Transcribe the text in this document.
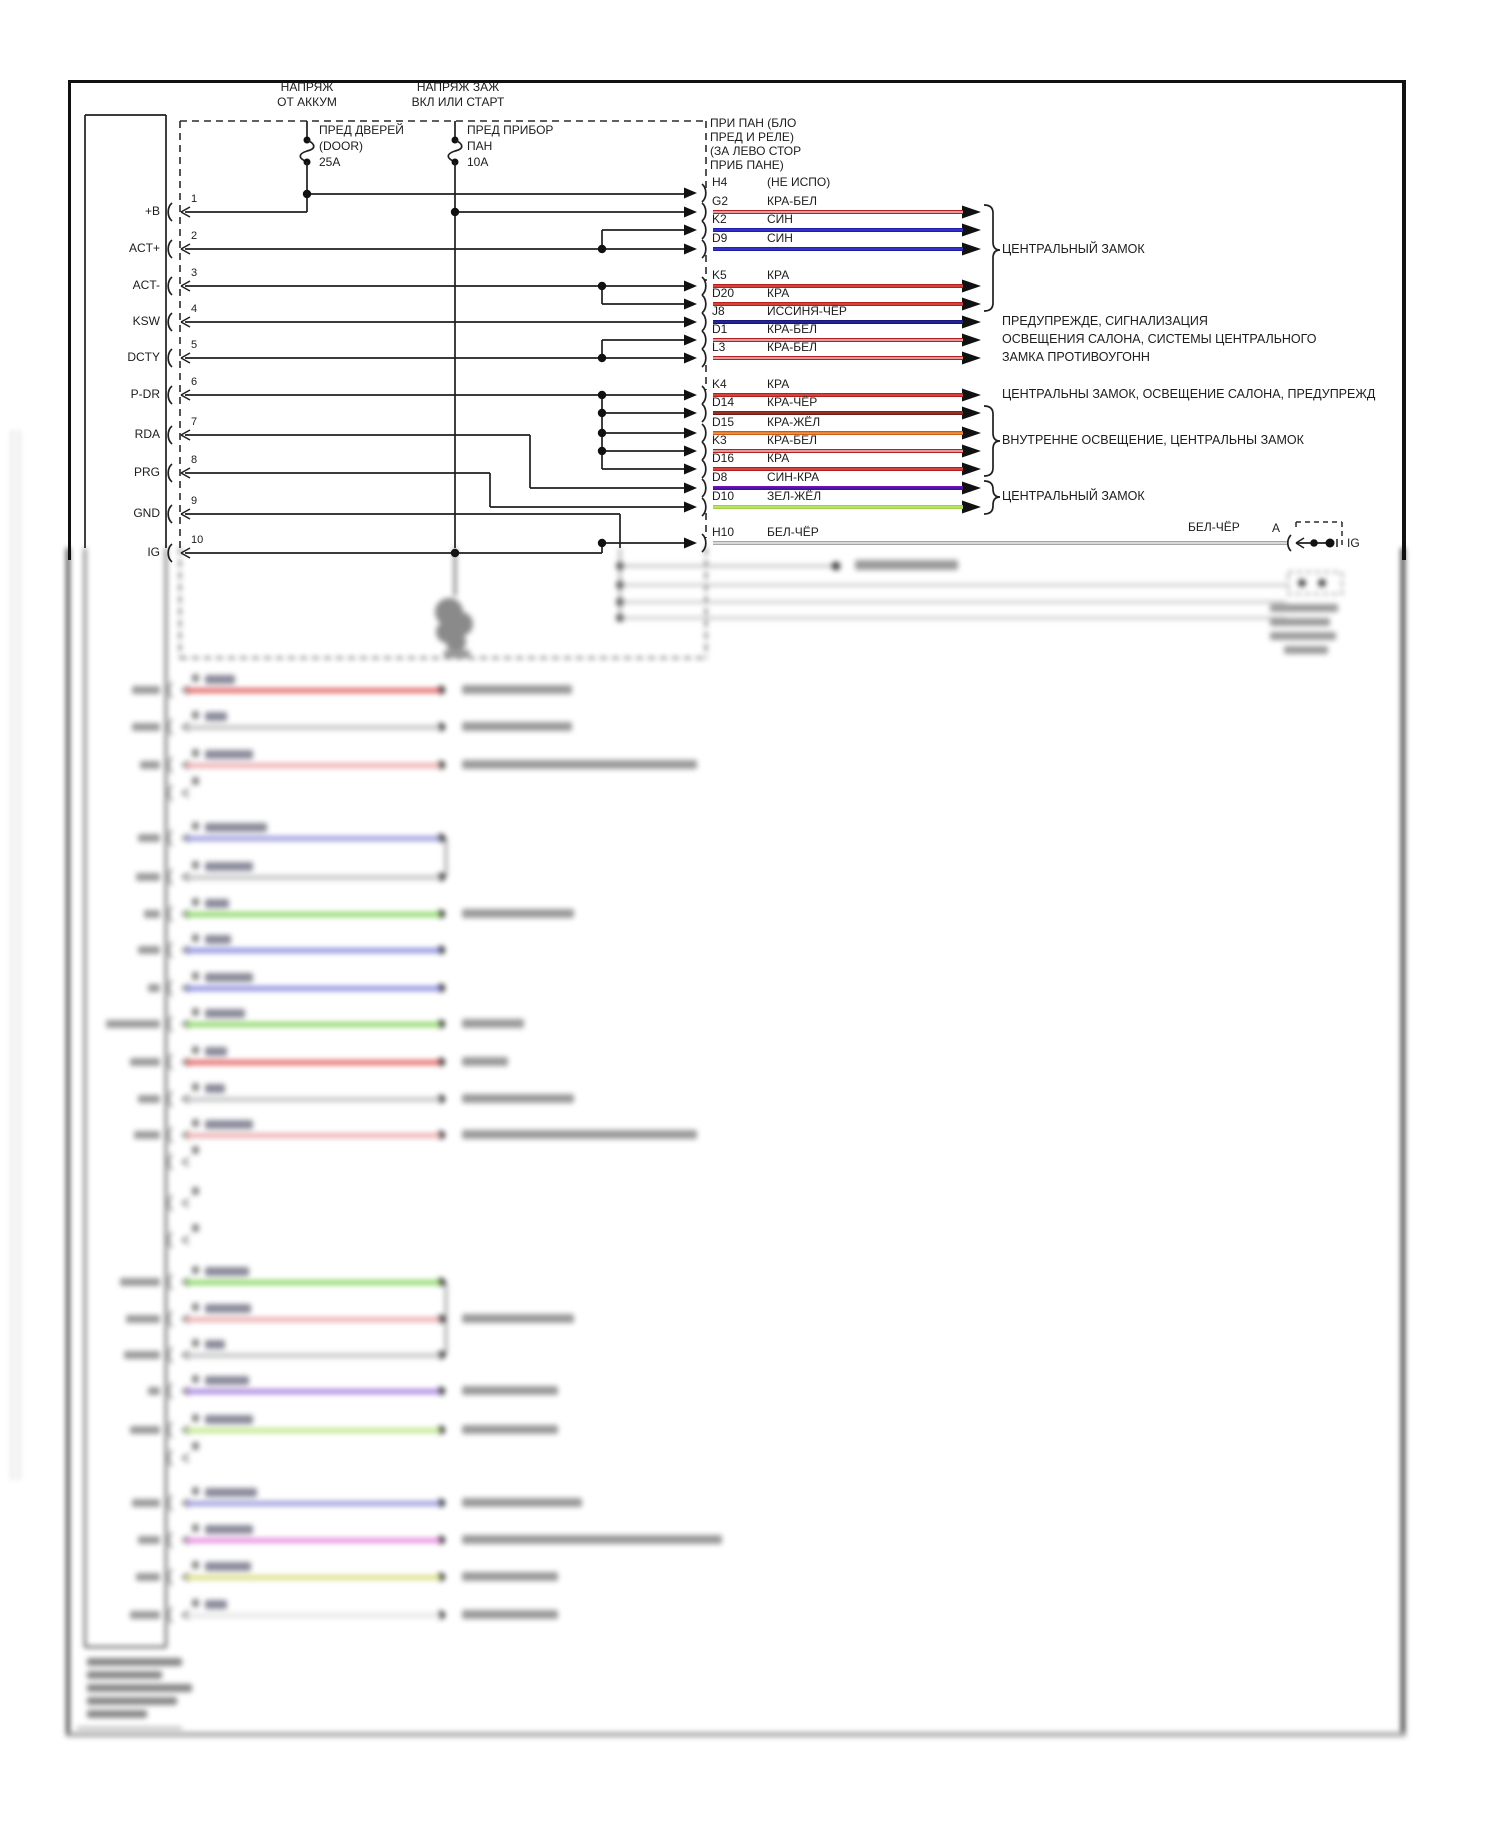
НАПРЯЖ
ОТ АККУМ
НАПРЯЖ ЗАЖ
ВКЛ ИЛИ СТАРТ
ПРИ ПАН (БЛО
ПРЕД И РЕЛЕ)
(ЗА ЛЕВО СТОР
ПРИБ ПАНЕ)
ПРЕД ДВЕРЕЙ
(DOOR)
25A
ПРЕД ПРИБОР
ПАН
10A
+B
1
ACT+
2
ACT-
3
KSW
4
DCTY
5
P-DR
6
RDA
7
PRG
8
GND
9
IG
10
H4	(НЕ ИСПО)
G2	КРА-БЕЛ
K2	СИН
D9	СИН
K5	КРА
D20	КРА
J8	ИССИНЯ-ЧЁР
D1	КРА-БЕЛ
L3	КРА-БЕЛ
K4	КРА
D14	КРА-ЧЁР
D15	КРА-ЖЁЛ
K3	КРА-БЕЛ
D16	КРА
D8	СИН-КРА
D10	ЗЕЛ-ЖЁЛ
H10	БЕЛ-ЧЁР
ЦЕНТРАЛЬНЫЙ ЗАМОК
ПРЕДУПРЕЖДЕ, СИГНАЛИЗАЦИЯ
ОСВЕЩЕНИЯ САЛОНА, СИСТЕМЫ ЦЕНТРАЛЬНОГО
ЗАМКА ПРОТИВОУГОНН
ЦЕНТРАЛЬНЫ ЗАМОК, ОСВЕЩЕНИЕ САЛОНА, ПРЕДУПРЕЖД
ВНУТРЕННЕ ОСВЕЩЕНИЕ, ЦЕНТРАЛЬНЫ ЗАМОК
ЦЕНТРАЛЬНЫЙ ЗАМОК
БЕЛ-ЧЁР	A
IG
